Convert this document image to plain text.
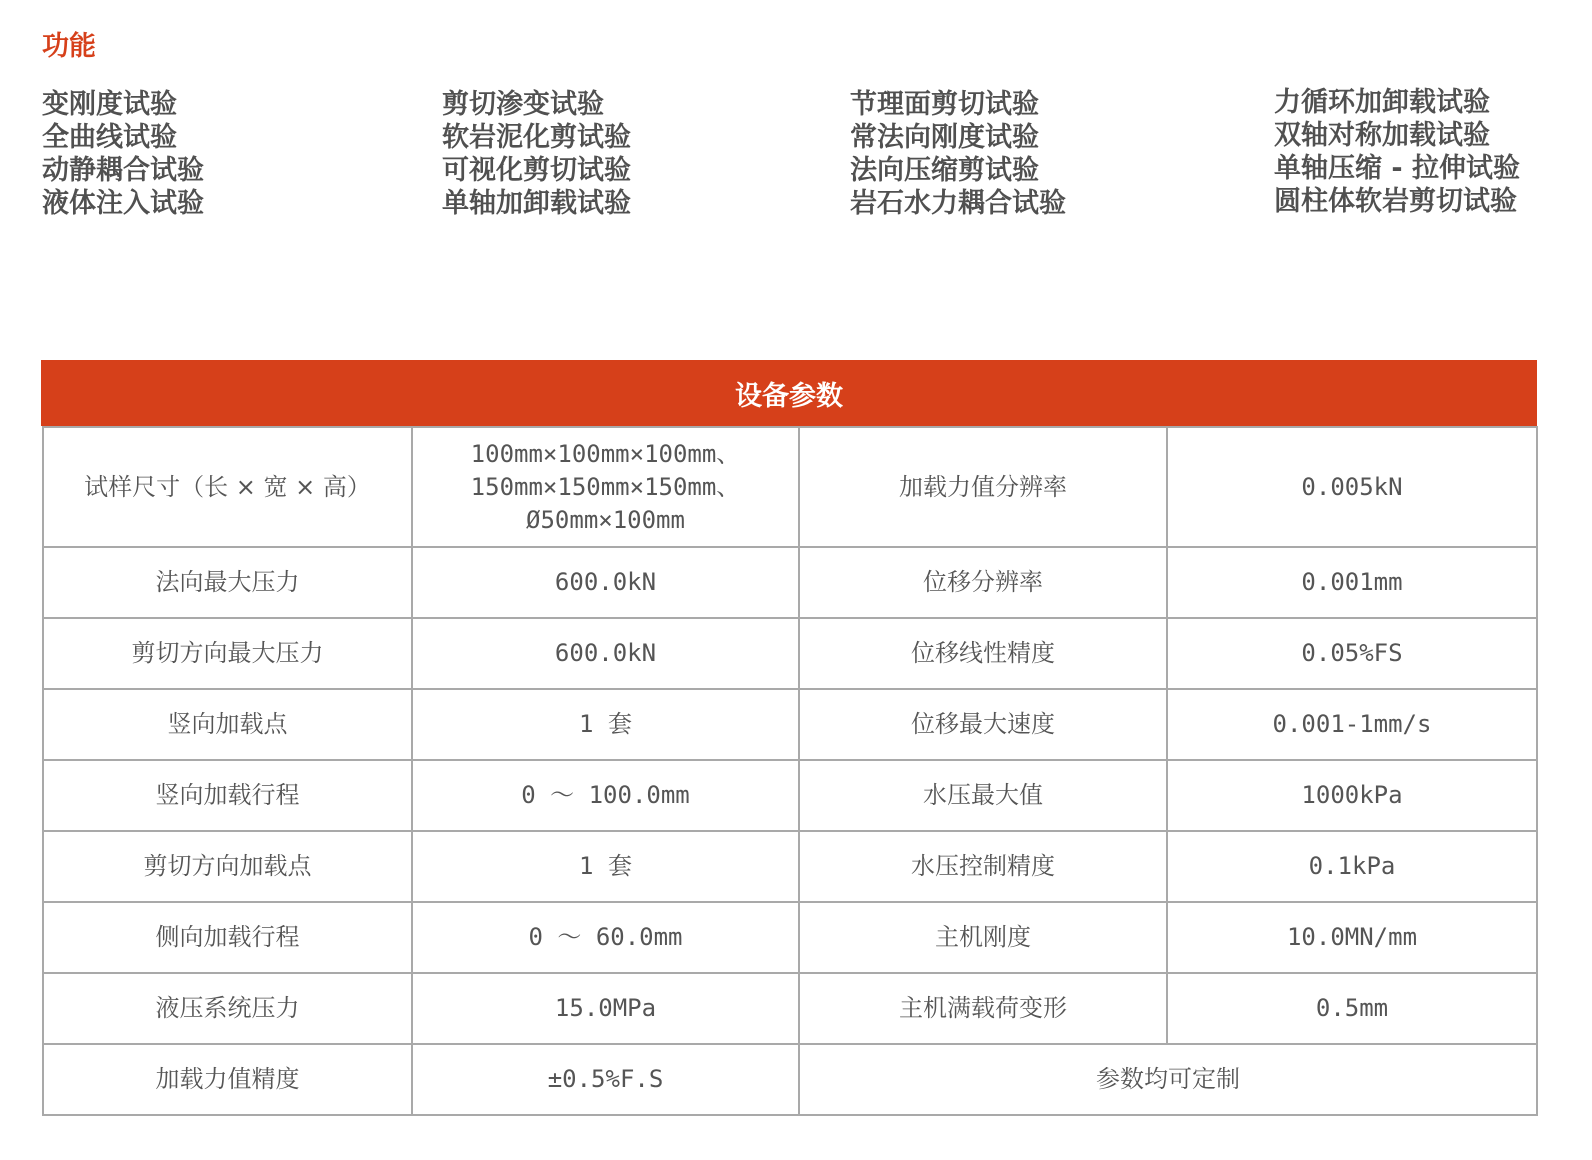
功能
变刚度试验
全曲线试验
动静耦合试验
液体注入试验
剪切渗变试验
软岩泥化剪试验
可视化剪切试验
单轴加卸载试验
节理面剪切试验
常法向刚度试验
法向压缩剪试验
岩石水力耦合试验
力循环加卸载试验
双轴对称加载试验
单轴压缩 - 拉伸试验
圆柱体软岩剪切试验
设备参数
试样尺寸（长 × 宽 × 高）	100mm×100mm×100mm、
150mm×150mm×150mm、
Ø50mm×100mm	加载力值分辨率	0.005kN
法向最大压力	600.0kN	位移分辨率	0.001mm
剪切方向最大压力	600.0kN	位移线性精度	0.05%FS
竖向加载点	1 套	位移最大速度	0.001-1mm/s
竖向加载行程	0 ～ 100.0mm	水压最大值	1000kPa
剪切方向加载点	1 套	水压控制精度	0.1kPa
侧向加载行程	0 ～ 60.0mm	主机刚度	10.0MN/mm
液压系统压力	15.0MPa	主机满载荷变形	0.5mm
加载力值精度	±0.5%F.S	参数均可定制	
